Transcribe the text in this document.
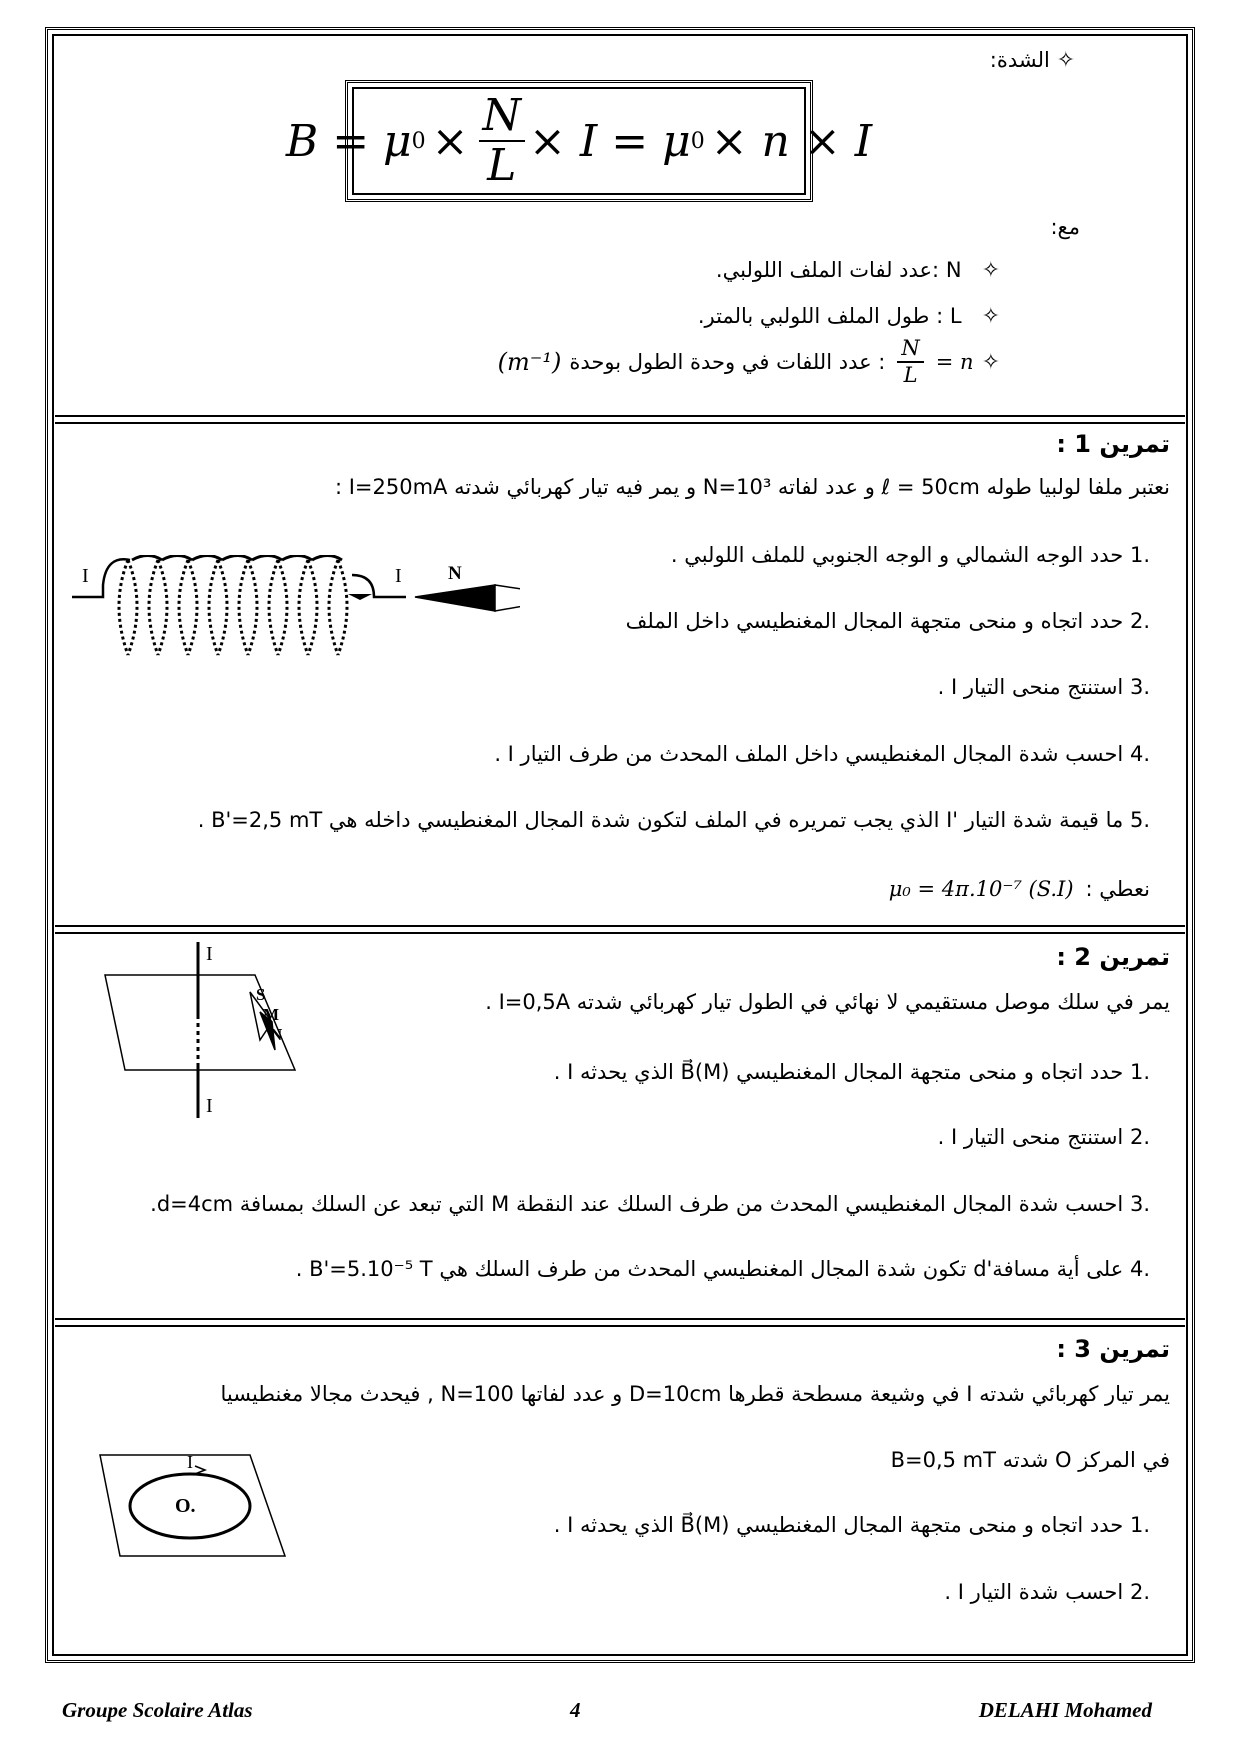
✧ الشدة:
B = μ $0 \times \frac{N}{L} \times I = \mu$ 0 × n × I
مع:
✧   N :عدد لفات الملف اللولبي.
✧   L : طول الملف اللولبي بالمتر.
✧
n =
$\frac{N}{L}$
: عدد اللفات في وحدة الطول بوحدة
(m⁻¹)
تمرين 1 :
نعتبر ملفا لولبيا طوله ℓ = 50cm و عدد لفاته N=10³ و يمر فيه تيار كهربائي شدته I=250mA :
I	I N
.1 حدد الوجه الشمالي و الوجه الجنوبي للملف اللولبي .
.2 حدد اتجاه و منحى متجهة المجال المغنطيسي داخل الملف
.3 استنتج منحى التيار I .
.4 احسب شدة المجال المغنطيسي داخل الملف المحدث من طرف التيار I .
.5 ما قيمة شدة التيار 'I الذي يجب تمريره في الملف لتكون شدة المجال المغنطيسي داخله هي B'=2,5 mT .
نعطي :
μ₀ = 4π.10⁻⁷ (S.I)
تمرين 2 :
I
I
S
M
N
يمر في سلك موصل مستقيمي لا نهائي في الطول تيار كهربائي شدته I=0,5A .
.1 حدد اتجاه و منحى متجهة المجال المغنطيسي B⃗(M) الذي يحدثه I .
.2 استنتج منحى التيار I .
.3 احسب شدة المجال المغنطيسي المحدث من طرف السلك عند النقطة M التي تبعد عن السلك بمسافة d=4cm.
.4 على أية مسافة'd تكون شدة المجال المغنطيسي المحدث من طرف السلك هي B'=5.10⁻⁵ T .
تمرين 3 :
يمر تيار كهربائي شدته I في وشيعة مسطحة قطرها D=10cm و عدد لفاتها N=100 , فيحدث مجالا مغنطيسيا
في المركز O شدته B=0,5 mT
I
O.
.1 حدد اتجاه و منحى متجهة المجال المغنطيسي B⃗(M) الذي يحدثه I .
.2 احسب شدة التيار I .
Groupe Scolaire Atlas	4	DELAHI Mohamed
